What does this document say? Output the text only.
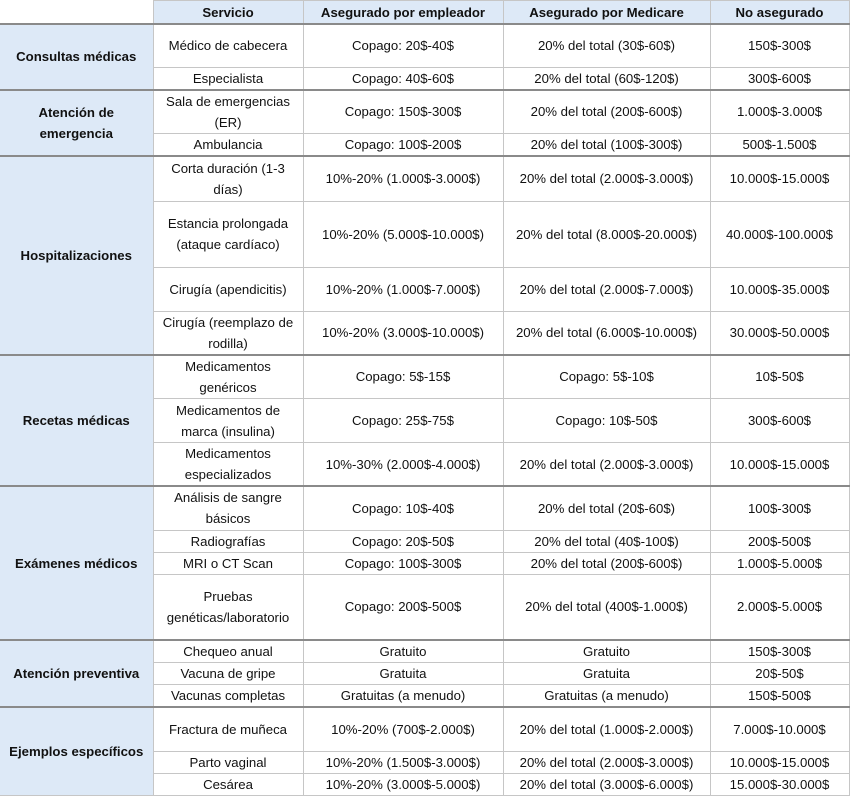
	Servicio	Asegurado por empleador	Asegurado por Medicare	No asegurado
Consultas médicas	Médico de cabecera	Copago: 20$-40$	20% del total (30$-60$)	150$-300$
	Especialista	Copago: 40$-60$	20% del total (60$-120$)	300$-600$
Atención de emergencia	Sala de emergencias (ER)	Copago: 150$-300$	20% del total (200$-600$)	1.000$-3.000$
	Ambulancia	Copago: 100$-200$	20% del total (100$-300$)	500$-1.500$
Hospitalizaciones	Corta duración (1-3 días)	10%-20% (1.000$-3.000$)	20% del total (2.000$-3.000$)	10.000$-15.000$
	Estancia prolongada (ataque cardíaco)	10%-20% (5.000$-10.000$)	20% del total (8.000$-20.000$)	40.000$-100.000$
	Cirugía (apendicitis)	10%-20% (1.000$-7.000$)	20% del total (2.000$-7.000$)	10.000$-35.000$
	Cirugía (reemplazo de rodilla)	10%-20% (3.000$-10.000$)	20% del total (6.000$-10.000$)	30.000$-50.000$
Recetas médicas	Medicamentos genéricos	Copago: 5$-15$	Copago: 5$-10$	10$-50$
	Medicamentos de marca (insulina)	Copago: 25$-75$	Copago: 10$-50$	300$-600$
	Medicamentos especializados	10%-30% (2.000$-4.000$)	20% del total (2.000$-3.000$)	10.000$-15.000$
Exámenes médicos	Análisis de sangre básicos	Copago: 10$-40$	20% del total (20$-60$)	100$-300$
	Radiografías	Copago: 20$-50$	20% del total (40$-100$)	200$-500$
	MRI o CT Scan	Copago: 100$-300$	20% del total (200$-600$)	1.000$-5.000$
	Pruebas genéticas/laboratorio	Copago: 200$-500$	20% del total (400$-1.000$)	2.000$-5.000$
Atención preventiva	Chequeo anual	Gratuito	Gratuito	150$-300$
	Vacuna de gripe	Gratuita	Gratuita	20$-50$
	Vacunas completas	Gratuitas (a menudo)	Gratuitas (a menudo)	150$-500$
Ejemplos específicos	Fractura de muñeca	10%-20% (700$-2.000$)	20% del total (1.000$-2.000$)	7.000$-10.000$
	Parto vaginal	10%-20% (1.500$-3.000$)	20% del total (2.000$-3.000$)	10.000$-15.000$
	Cesárea	10%-20% (3.000$-5.000$)	20% del total (3.000$-6.000$)	15.000$-30.000$
